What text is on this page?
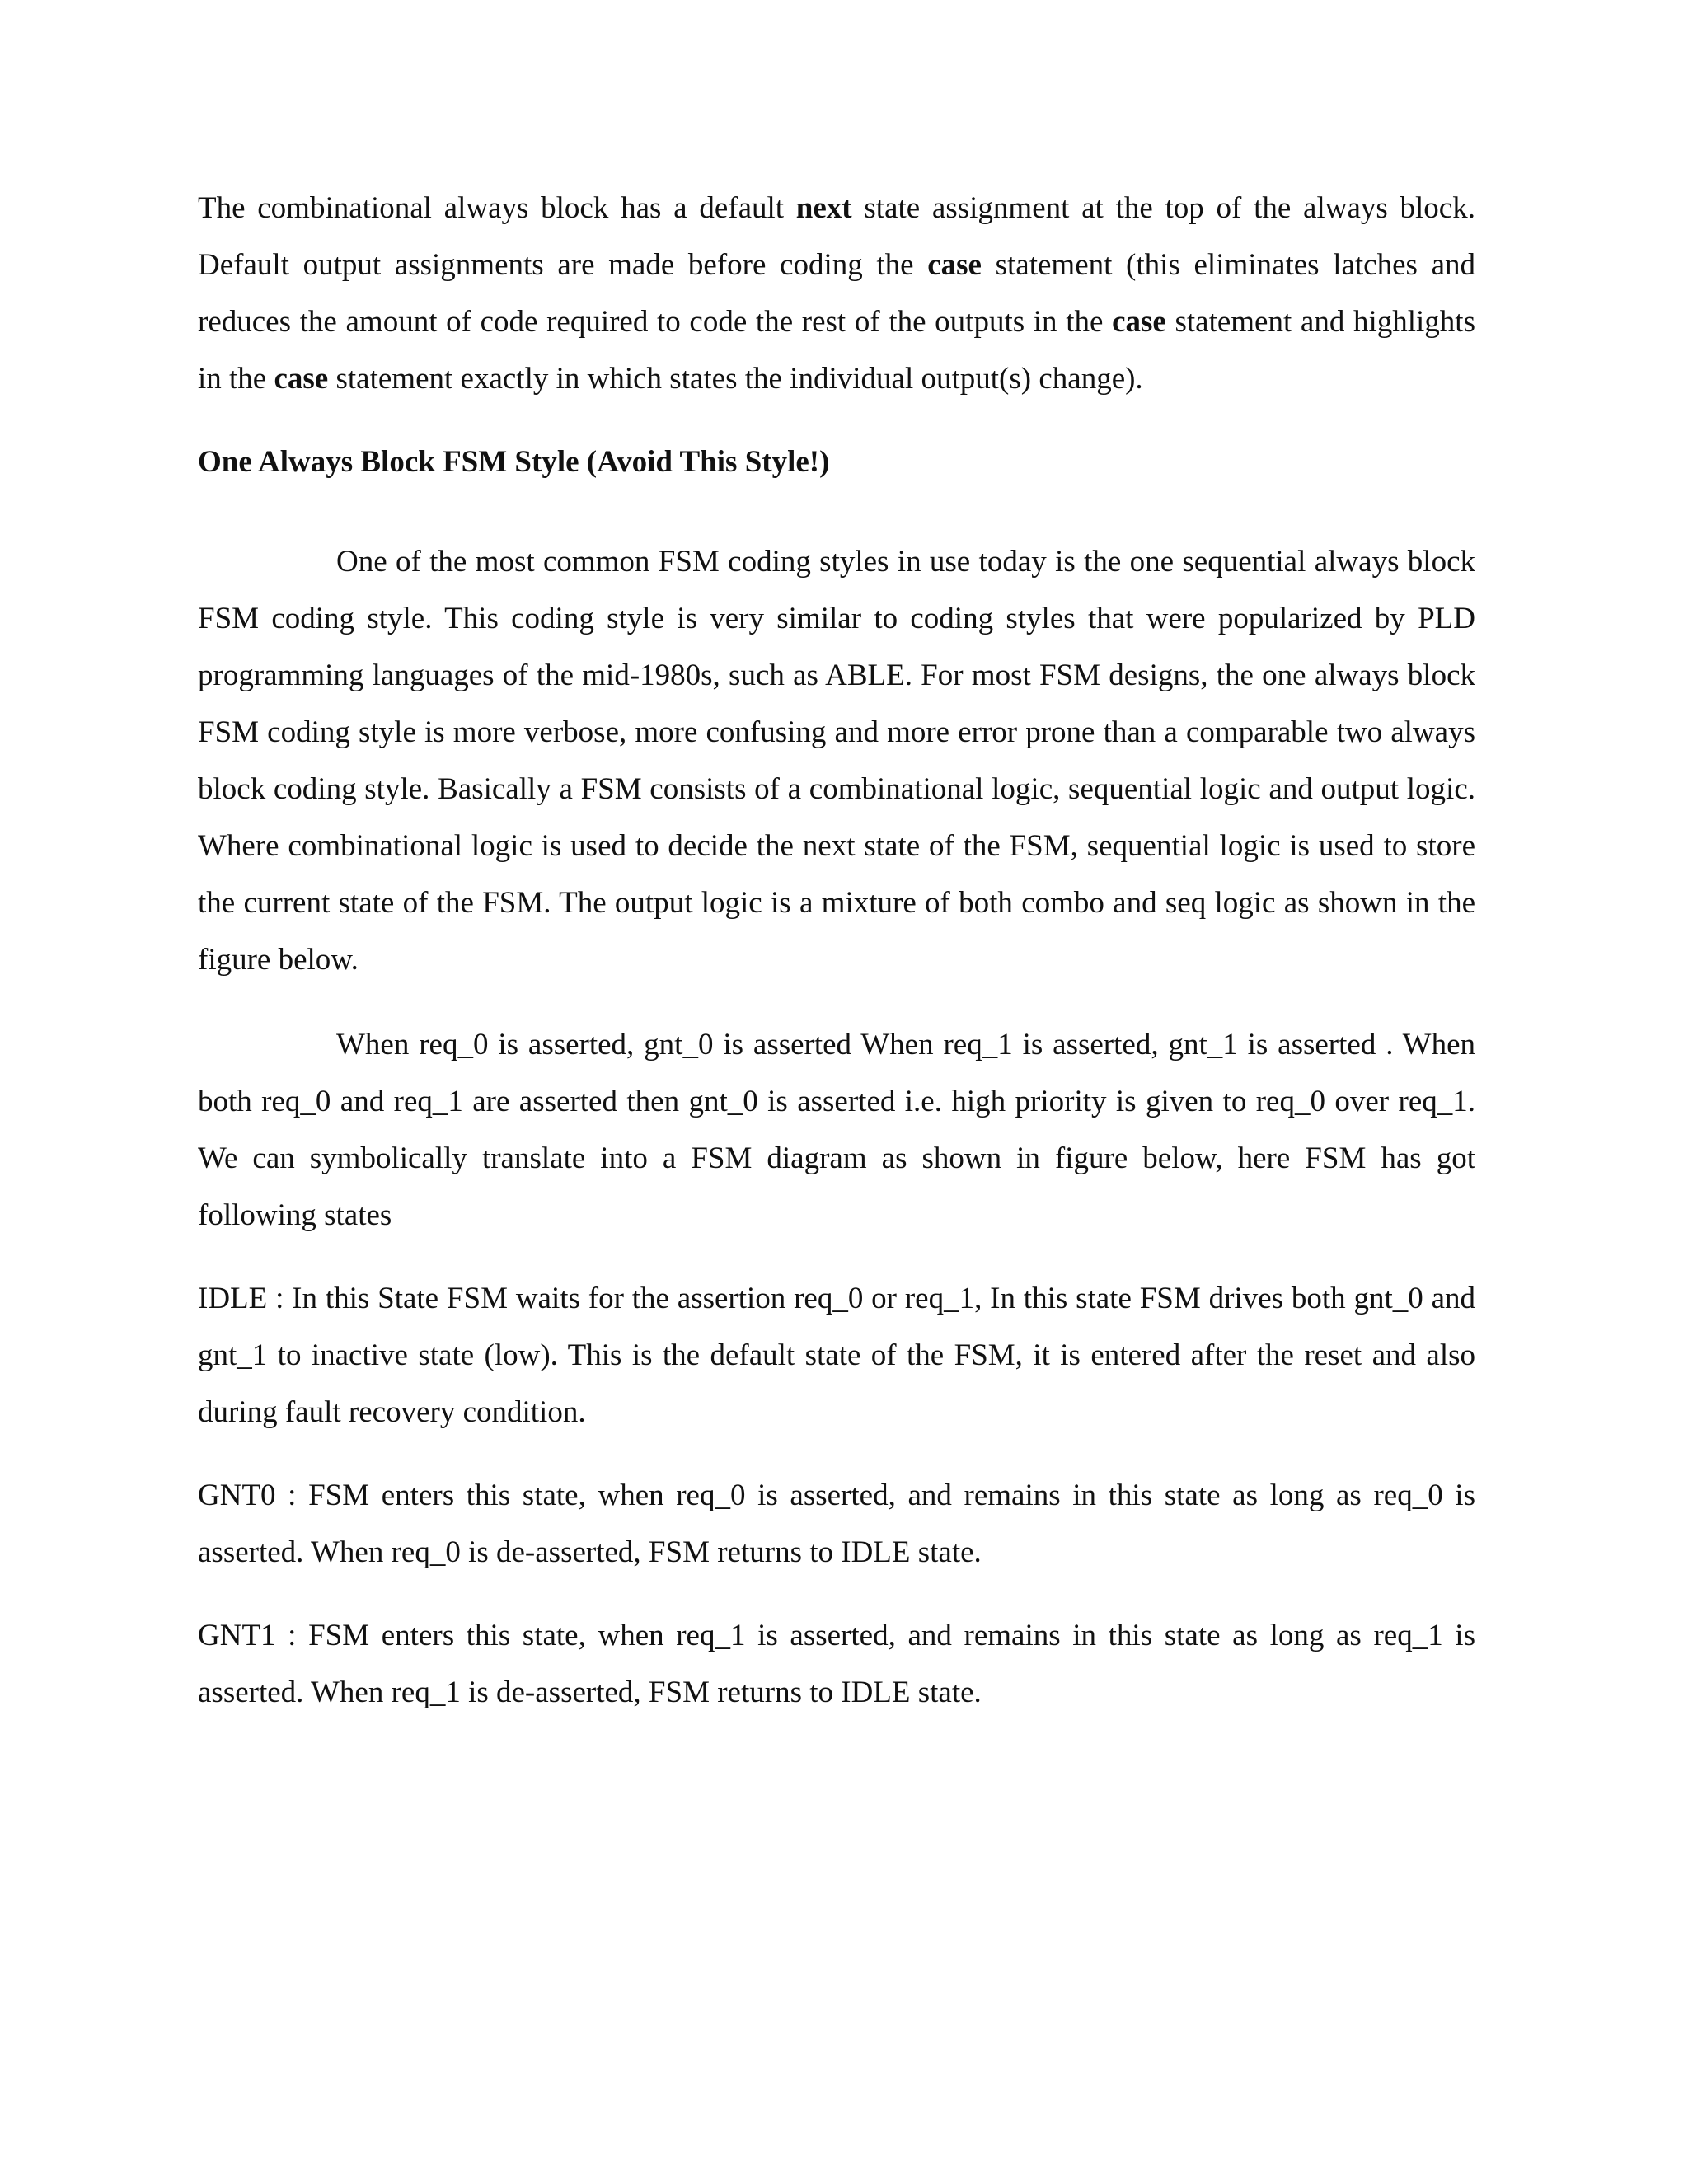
The combinational always block has a default next state assignment at the top of the always block. Default output assignments are made before coding the case statement (this eliminates latches and reduces the amount of code required to code the rest of the outputs in the case statement and highlights in the case statement exactly in which states the individual output(s) change).

One Always Block FSM Style (Avoid This Style!)

One of the most common FSM coding styles in use today is the one sequential always block FSM coding style. This coding style is very similar to coding styles that were popularized by PLD programming languages of the mid-1980s, such as ABLE. For most FSM designs, the one always block FSM coding style is more verbose, more confusing and more error prone than a comparable two always block coding style. Basically a FSM consists of a combinational logic, sequential logic and output logic. Where combinational logic is used to decide the next state of the FSM, sequential logic is used to store the current state of the FSM. The output logic is a mixture of both combo and seq logic as shown in the figure below.

When req_0 is asserted, gnt_0 is asserted When req_1 is asserted, gnt_1 is asserted . When both req_0 and req_1 are asserted then gnt_0 is asserted i.e. high priority is given to req_0 over req_1. We can symbolically translate into a FSM diagram as shown in figure below, here FSM has got following states

IDLE : In this State FSM waits for the assertion req_0 or req_1, In this state FSM drives both gnt_0 and gnt_1 to inactive state (low). This is the default state of the FSM, it is entered after the reset and also during fault recovery condition.

GNT0 : FSM enters this state, when req_0 is asserted, and remains in this state as long as req_0 is asserted. When req_0 is de-asserted, FSM returns to IDLE state.

GNT1 : FSM enters this state, when req_1 is asserted, and remains in this state as long as req_1 is asserted. When req_1 is de-asserted, FSM returns to IDLE state.
